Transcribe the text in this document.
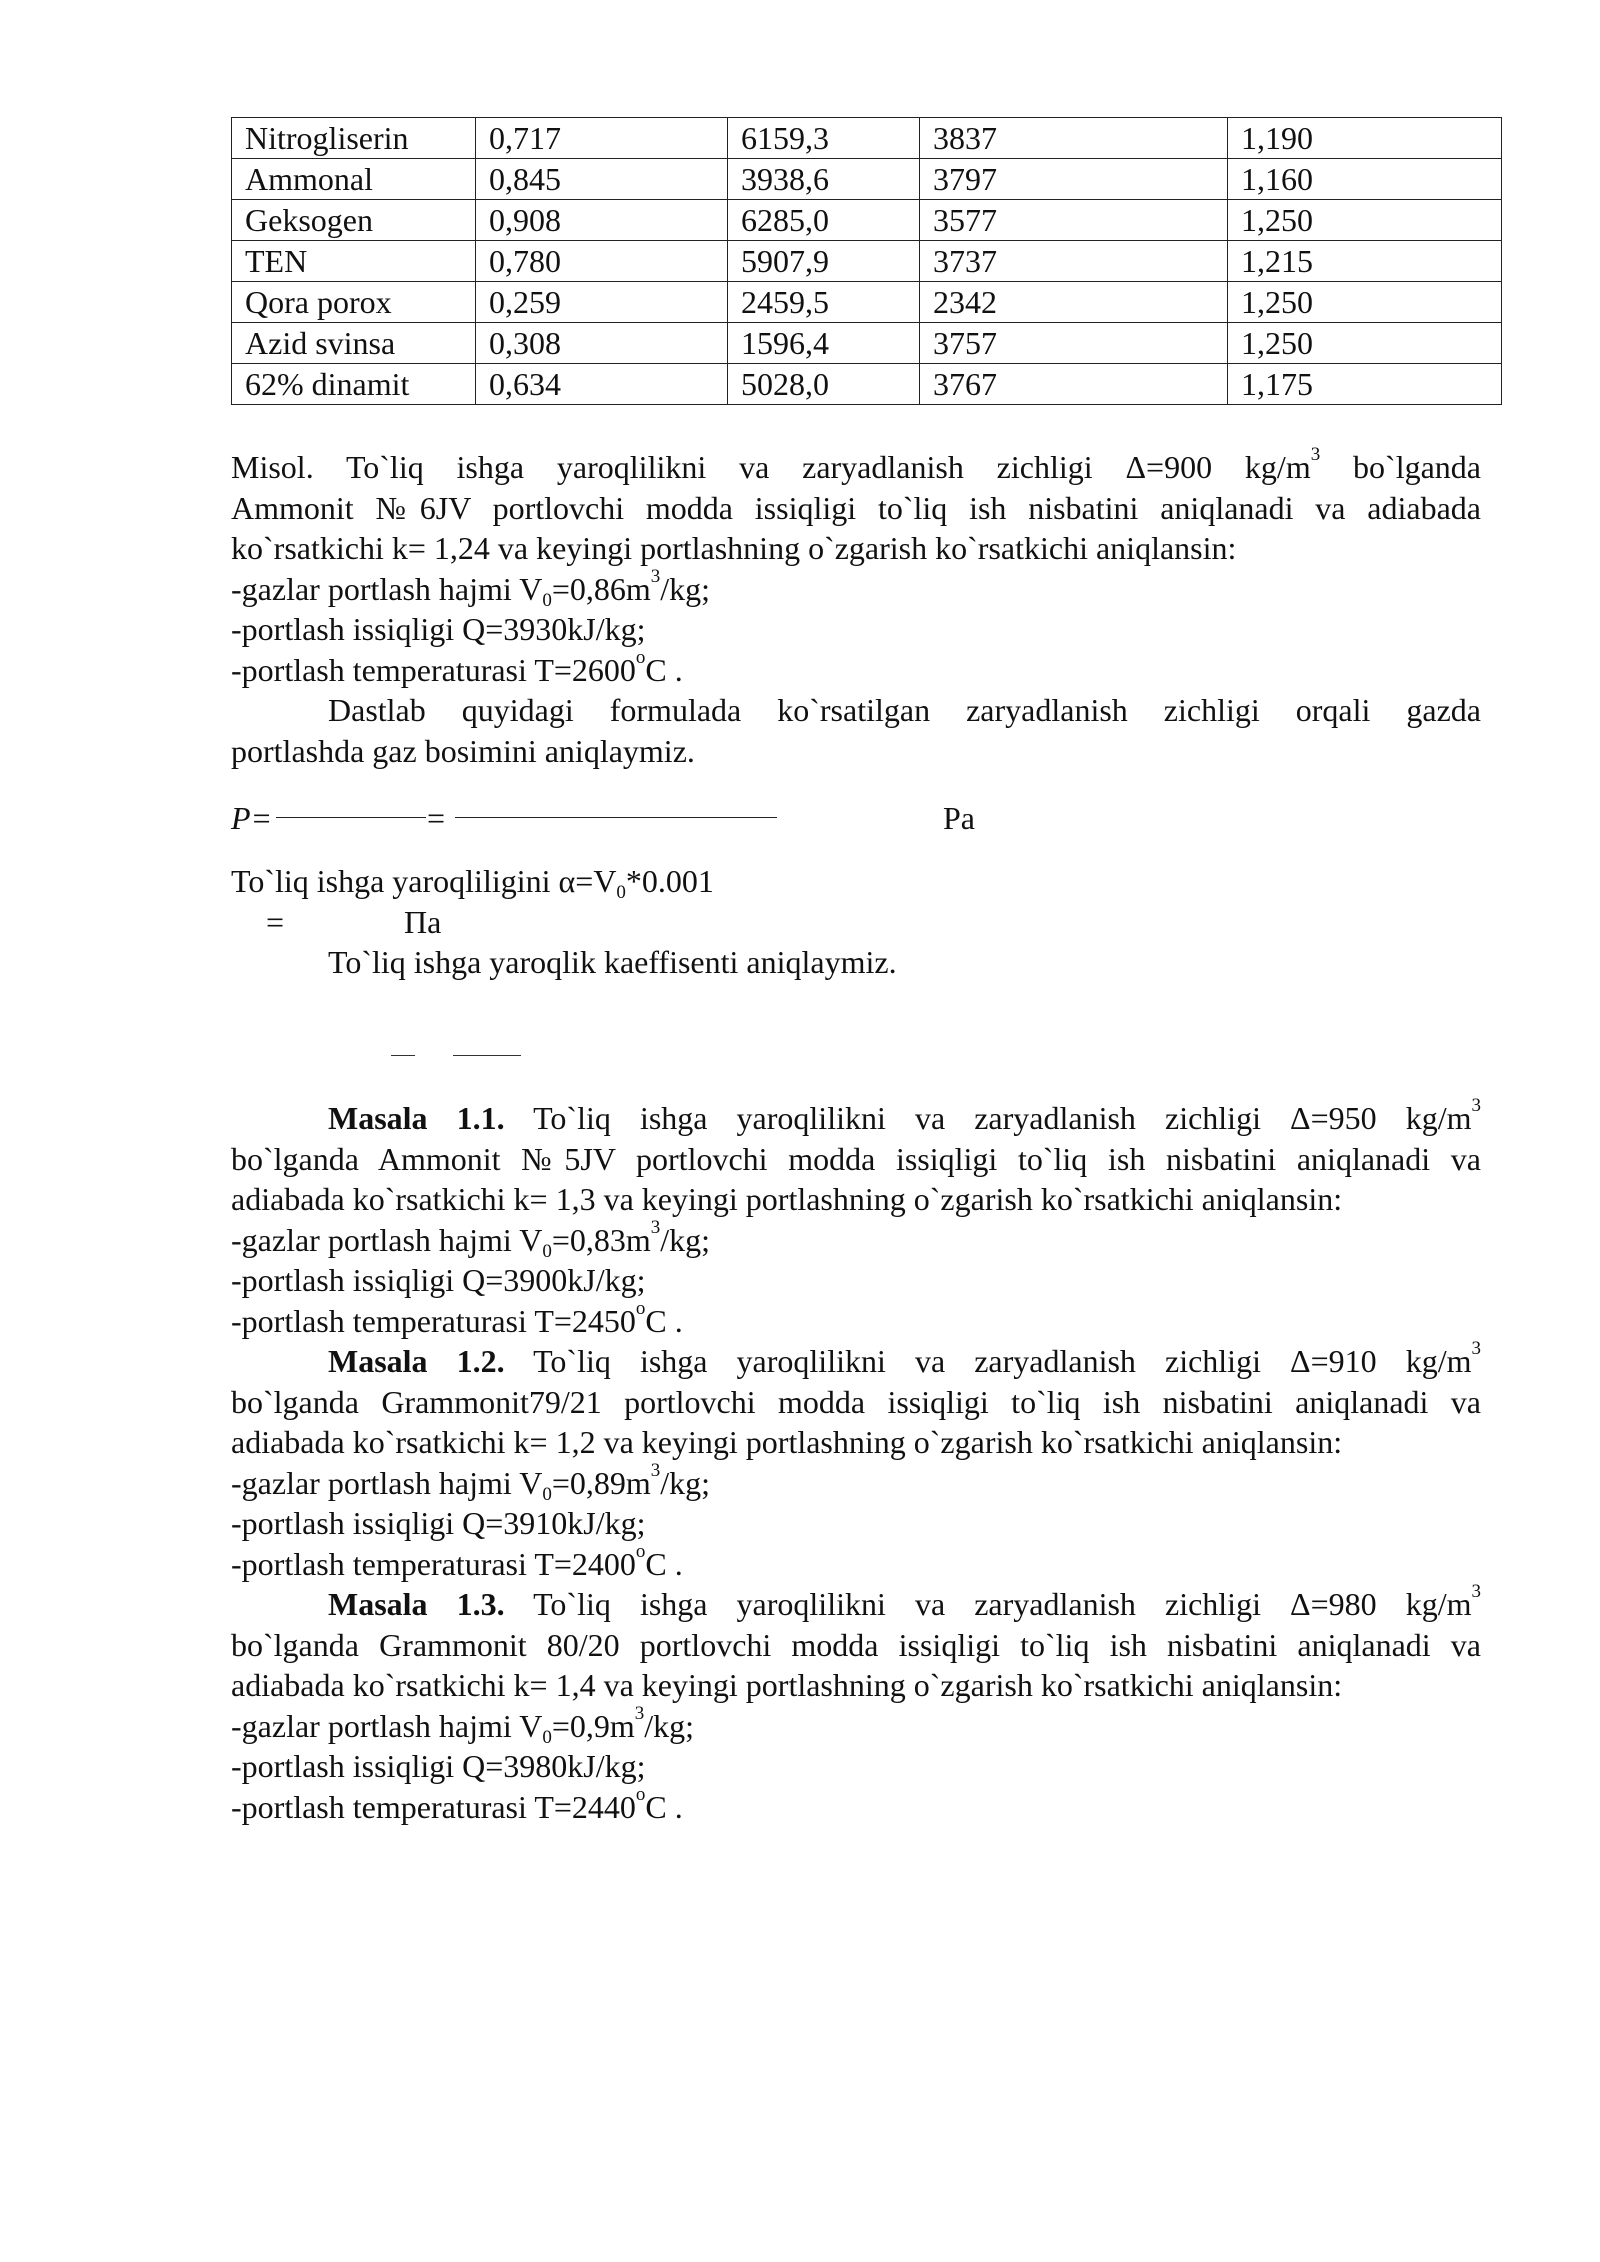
Nitrogliserin	0,717	6159,3	3837	1,190
Ammonal	0,845	3938,6	3797	1,160
Geksogen	0,908	6285,0	3577	1,250
TEN	0,780	5907,9	3737	1,215
Qora porox	0,259	2459,5	2342	1,250
Azid svinsa	0,308	1596,4	3757	1,250
62% dinamit	0,634	5028,0	3767	1,175

Misol. To`liq ishga yaroqlilikni va zaryadlanish zichligi Δ=900 $kg/m^3$ bo`lganda

Ammonit №6JV portlovchi modda issiqligi to`liq ish nisbatini aniqlanadi va adiabada

ko`rsatkichi k= 1,24 va keyingi portlashning o`zgarish ko`rsatkichi aniqlansin:

-gazlar portlash hajmi $V_0=0,86m^3/kg$;

-portlash issiqligi Q=3930kJ/kg;

-portlash temperaturasi $T=2600^oC$ .

Dastlab quyidagi formulada ko`rsatilgan zaryadlanish zichligi orqali gazda

portlashda gaz bosimini aniqlaymiz.

P=	=	Pa

To`liq ishga yaroqliligini $\alpha=V_0*0.001$

=	Па

To`liq ishga yaroqlik kaeffisenti aniqlaymiz.

Masala 1.1. To`liq ishga yaroqlilikni va zaryadlanish zichligi Δ=950 $kg/m^3$

bo`lganda Ammonit №5JV portlovchi modda issiqligi to`liq ish nisbatini aniqlanadi va

adiabada ko`rsatkichi k= 1,3 va keyingi portlashning o`zgarish ko`rsatkichi aniqlansin:

-gazlar portlash hajmi $V_0=0,83m^3/kg$;

-portlash issiqligi Q=3900kJ/kg;

-portlash temperaturasi $T=2450^oC$ .

Masala 1.2. To`liq ishga yaroqlilikni va zaryadlanish zichligi Δ=910 $kg/m^3$

bo`lganda Grammonit79/21 portlovchi modda issiqligi to`liq ish nisbatini aniqlanadi va

adiabada ko`rsatkichi k= 1,2 va keyingi portlashning o`zgarish ko`rsatkichi aniqlansin:

-gazlar portlash hajmi $V_0=0,89m^3/kg$;

-portlash issiqligi Q=3910kJ/kg;

-portlash temperaturasi $T=2400^oC$ .

Masala 1.3. To`liq ishga yaroqlilikni va zaryadlanish zichligi Δ=980 $kg/m^3$

bo`lganda Grammonit 80/20 portlovchi modda issiqligi to`liq ish nisbatini aniqlanadi va

adiabada ko`rsatkichi k= 1,4 va keyingi portlashning o`zgarish ko`rsatkichi aniqlansin:

-gazlar portlash hajmi $V_0=0,9m^3/kg$;

-portlash issiqligi Q=3980kJ/kg;

-portlash temperaturasi $T=2440^oC$ .
